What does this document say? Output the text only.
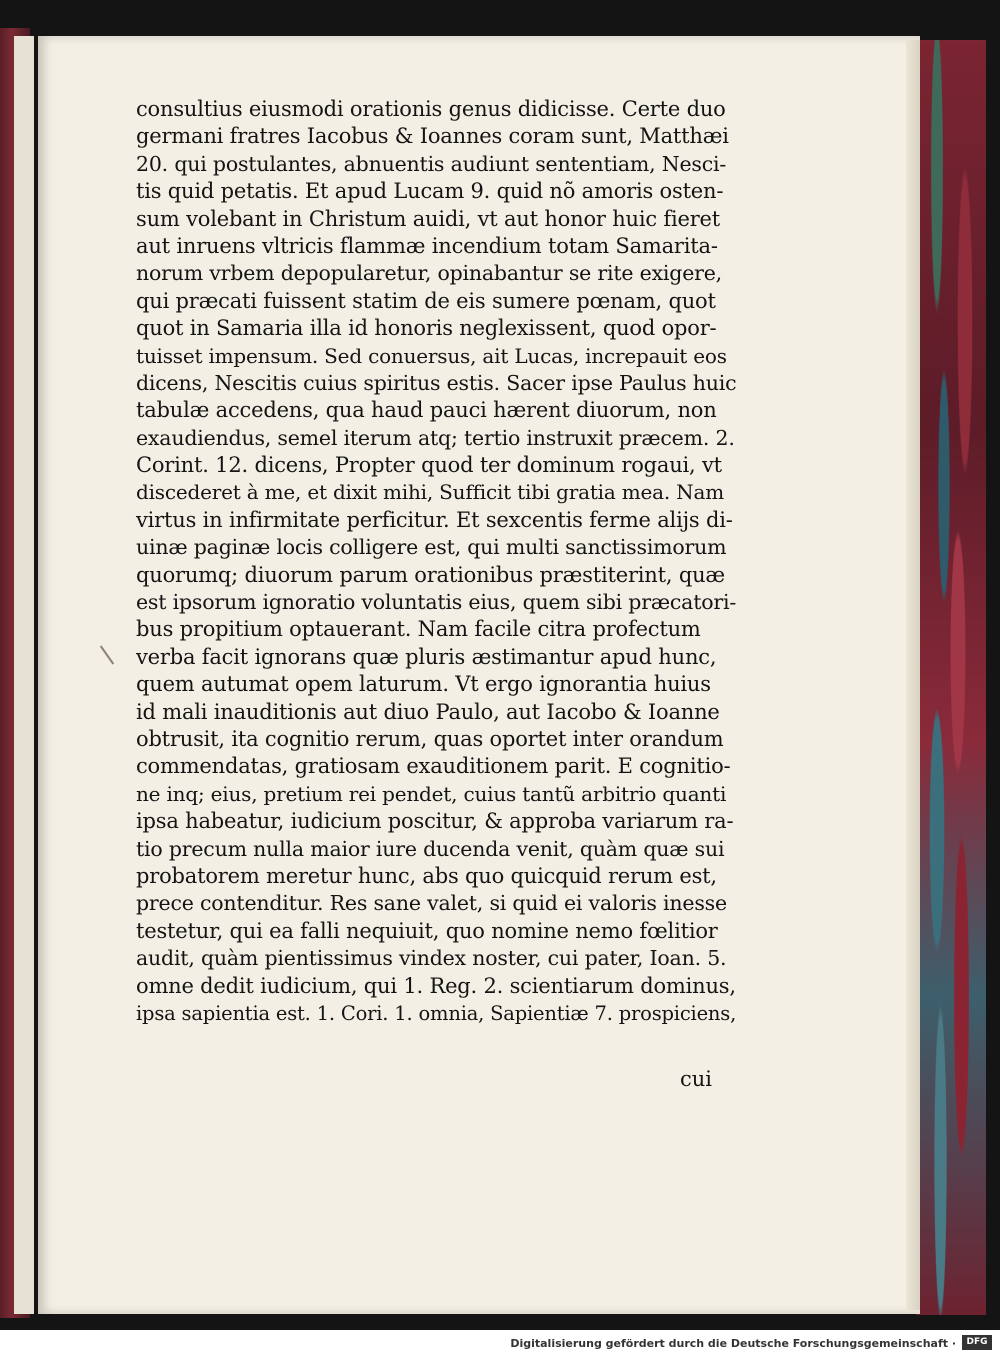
consultius eiusmodi orationis genus didicisse. Certe duo
germani fratres Iacobus & Ioannes coram sunt, Matthæi
20. qui postulantes, abnuentis audiunt sententiam, Nesci-
tis quid petatis. Et apud Lucam 9. quid nõ amoris osten-
sum volebant in Christum auidi, vt aut honor huic fieret
aut inruens vltricis flammæ incendium totam Samarita-
norum vrbem depopularetur, opinabantur se rite exigere,
qui præcati fuissent statim de eis sumere pœnam, quot
quot in Samaria illa id honoris neglexissent, quod opor-
tuisset impensum. Sed conuersus, ait Lucas, increpauit eos
dicens, Nescitis cuius spiritus estis. Sacer ipse Paulus huic
tabulæ accedens, qua haud pauci hærent diuorum, non
exaudiendus, semel iterum atq; tertio instruxit præcem. 2.
Corint. 12. dicens, Propter quod ter dominum rogaui, vt
discederet à me, et dixit mihi, Sufficit tibi gratia mea. Nam
virtus in infirmitate perficitur. Et sexcentis ferme alijs di-
uinæ paginæ locis colligere est, qui multi sanctissimorum
quorumq; diuorum parum orationibus præstiterint, quæ
est ipsorum ignoratio voluntatis eius, quem sibi præcatori-
bus propitium optauerant. Nam facile citra profectum
verba facit ignorans quæ pluris æstimantur apud hunc,
quem autumat opem laturum. Vt ergo ignorantia huius
id mali inauditionis aut diuo Paulo, aut Iacobo & Ioanne
obtrusit, ita cognitio rerum, quas oportet inter orandum
commendatas, gratiosam exauditionem parit. E cognitio-
ne inq; eius, pretium rei pendet, cuius tantũ arbitrio quanti
ipsa habeatur, iudicium poscitur, & approba variarum ra-
tio precum nulla maior iure ducenda venit, quàm quæ sui
probatorem meretur hunc, abs quo quicquid rerum est,
prece contenditur. Res sane valet, si quid ei valoris inesse
testetur, qui ea falli nequiuit, quo nomine nemo fœlitior
audit, quàm pientissimus vindex noster, cui pater, Ioan. 5.
omne dedit iudicium, qui 1. Reg. 2. scientiarum dominus,
ipsa sapientia est. 1. Cori. 1. omnia, Sapientiæ 7. prospiciens,
cui
Digitalisierung gefördert durch die Deutsche Forschungsgemeinschaft ·	DFG
